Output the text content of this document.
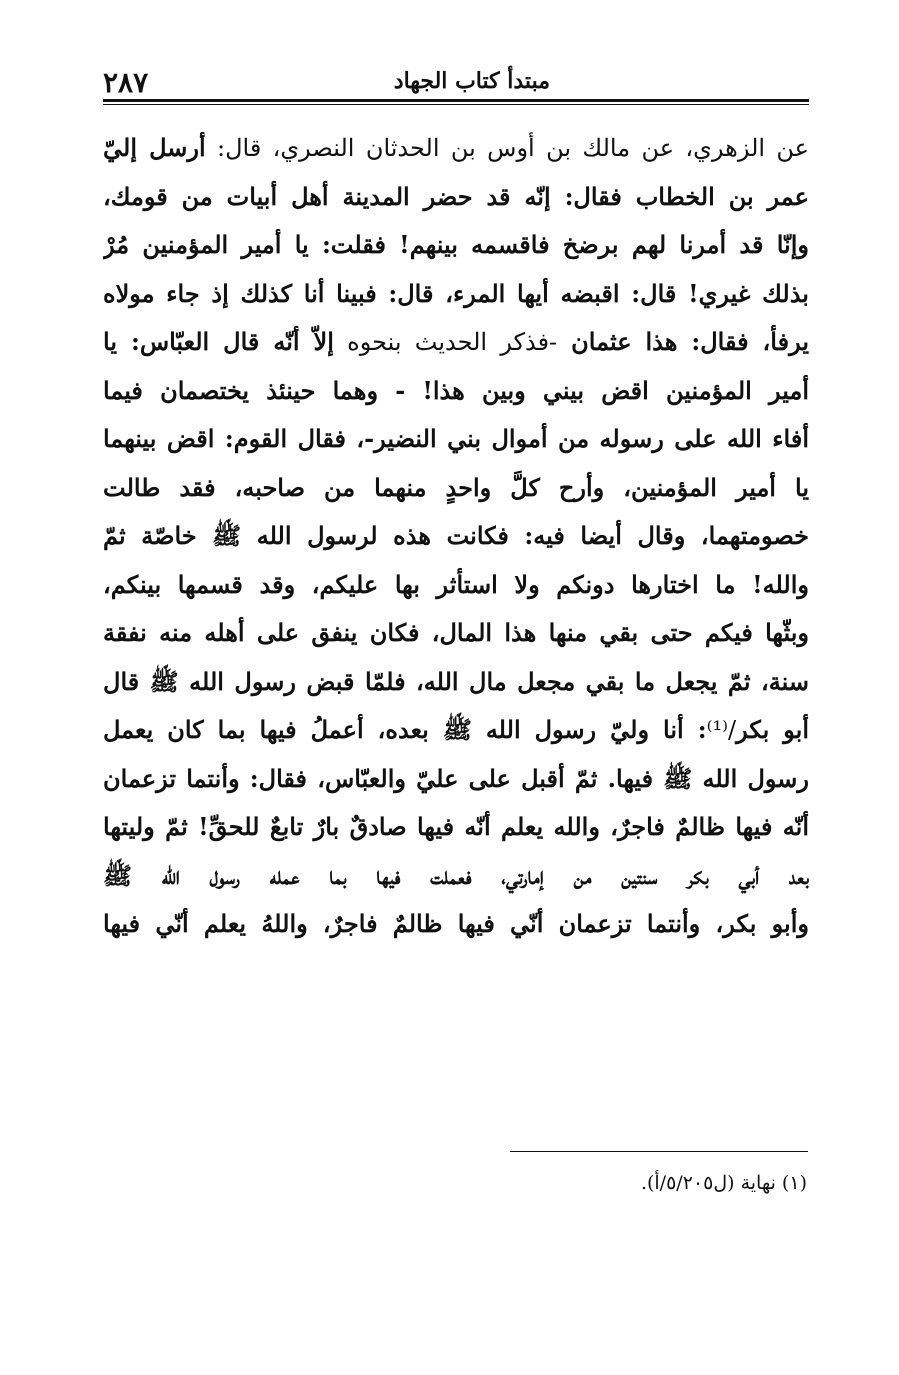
مبتدأ كتاب الجهاد
٢٨٧
عن الزهري، عن مالك بن أوس بن الحدثان النصري، قال: أرسل إليّ
عمر بن الخطاب فقال: إنّه قد حضر المدينة أهل أبيات من قومك،
وإنّا قد أمرنا لهم برضخ فاقسمه بينهم! فقلت: يا أمير المؤمنين مُرْ
بذلك غيري! قال: اقبضه أيها المرء، قال: فبينا أنا كذلك إذ جاء مولاه
يرفأ، فقال: هذا عثمان -فذكر الحديث بنحوه إلاّ أنّه قال العبّاس: يا
أمير المؤمنين اقض بيني وبين هذا! - وهما حينئذ يختصمان فيما
أفاء الله على رسوله من أموال بني النضير-، فقال القوم: اقض بينهما
يا أمير المؤمنين، وأرح كلَّ واحدٍ منهما من صاحبه، فقد طالت
خصومتهما، وقال أيضا فيه: فكانت هذه لرسول الله ﷺ خاصّة ثمّ
والله! ما اختارها دونكم ولا استأثر بها عليكم، وقد قسمها بينكم،
وبثّها فيكم حتى بقي منها هذا المال، فكان ينفق على أهله منه نفقة
سنة، ثمّ يجعل ما بقي مجعل مال الله، فلمّا قبض رسول الله ﷺ قال
أبو بكر/⁽¹⁾: أنا وليّ رسول الله ﷺ بعده، أعملُ فيها بما كان يعمل
رسول الله ﷺ فيها. ثمّ أقبل على عليّ والعبّاس، فقال: وأنتما تزعمان
أنّه فيها ظالمٌ فاجرٌ، والله يعلم أنّه فيها صادقٌ بارٌ تابعٌ للحقِّ! ثمّ وليتها
بعد أبي بكر سنتين من إمارتي، فعملت فيها بما عمله رسول الله ﷺ
وأبو بكر، وأنتما تزعمان أنّي فيها ظالمٌ فاجرٌ، واللهُ يعلم أنّي فيها
(١) نهاية (ل٥/٢٠٥/أ).
